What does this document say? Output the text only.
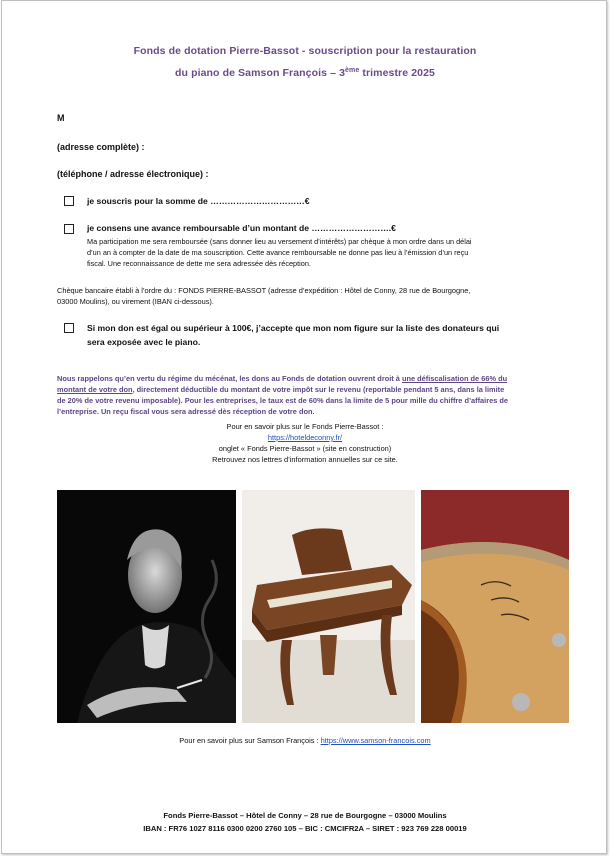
Fonds de dotation Pierre-Bassot - souscription pour la restauration
du piano de Samson François – 3ème trimestre 2025
M
(adresse complète) :
(téléphone / adresse électronique) :
je souscris pour la somme de ……………………………€
je consens une avance remboursable d’un montant de ……………………….€
Ma participation me sera remboursée (sans donner lieu au versement d’intérêts) par chèque à mon ordre dans un délai
d’un an à compter de la date de ma souscription. Cette avance remboursable ne donne pas lieu à l’émission d’un reçu
fiscal. Une reconnaissance de dette me sera adressée dès réception.
Chèque bancaire établi à l’ordre du : FONDS PIERRE-BASSOT (adresse d’expédition : Hôtel de Conny, 28 rue de Bourgogne,
03000 Moulins), ou virement (IBAN ci-dessous).
Si mon don est égal ou supérieur à 100€, j’accepte que mon nom figure sur la liste des donateurs qui
sera exposée avec le piano.
Nous rappelons qu’en vertu du régime du mécénat, les dons au Fonds de dotation ouvrent droit à une défiscalisation de 66% du
montant de votre don, directement déductible du montant de votre impôt sur le revenu (reportable pendant 5 ans, dans la limite
de 20% de votre revenu imposable). Pour les entreprises, le taux est de 60% dans la limite de 5 pour mille du chiffre d’affaires de
l’entreprise. Un reçu fiscal vous sera adressé dès réception de votre don.
Pour en savoir plus sur le Fonds Pierre-Bassot :
https://hoteldeconny.fr/
onglet « Fonds Pierre-Bassot » (site en construction)
Retrouvez nos lettres d’information annuelles sur ce site.
Pour en savoir plus sur Samson François : https://www.samson-francois.com
Fonds Pierre-Bassot – Hôtel de Conny – 28 rue de Bourgogne – 03000 Moulins
IBAN : FR76 1027 8116 0300 0200 2760 105 – BIC : CMCIFR2A – SIRET : 923 769 228 00019
